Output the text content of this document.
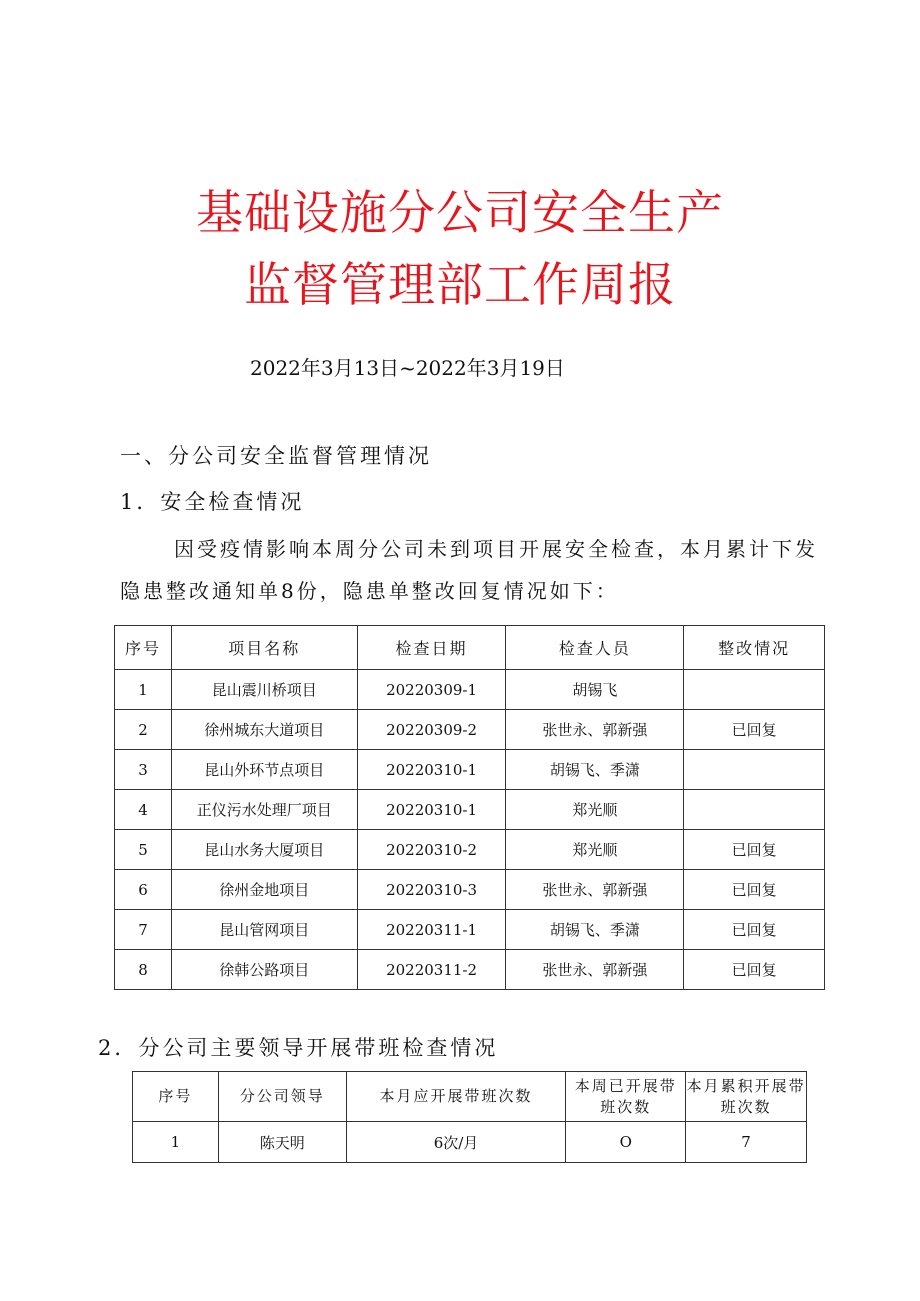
基础设施分公司安全生产
监督管理部工作周报
2022年3月13日~2022年3月19日
一、分公司安全监督管理情况
1．安全检查情况
因受疫情影响本周分公司未到项目开展安全检查，本月累计下发
隐患整改通知单8份，隐患单整改回复情况如下：
序号	项目名称	检查日期	检查人员	整改情况
1	昆山震川桥项目	20220309-1	胡锡飞	
2	徐州城东大道项目	20220309-2	张世永、郭新强	已回复
3	昆山外环节点项目	20220310-1	胡锡飞、季潇	
4	正仪污水处理厂项目	20220310-1	郑光顺	
5	昆山水务大厦项目	20220310-2	郑光顺	已回复
6	徐州金地项目	20220310-3	张世永、郭新强	已回复
7	昆山管网项目	20220311-1	胡锡飞、季潇	已回复
8	徐韩公路项目	20220311-2	张世永、郭新强	已回复
2．分公司主要领导开展带班检查情况
序号	分公司领导	本月应开展带班次数	本周已开展带班次数	本月累积开展带班次数
1	陈天明	6次/月	O	7
